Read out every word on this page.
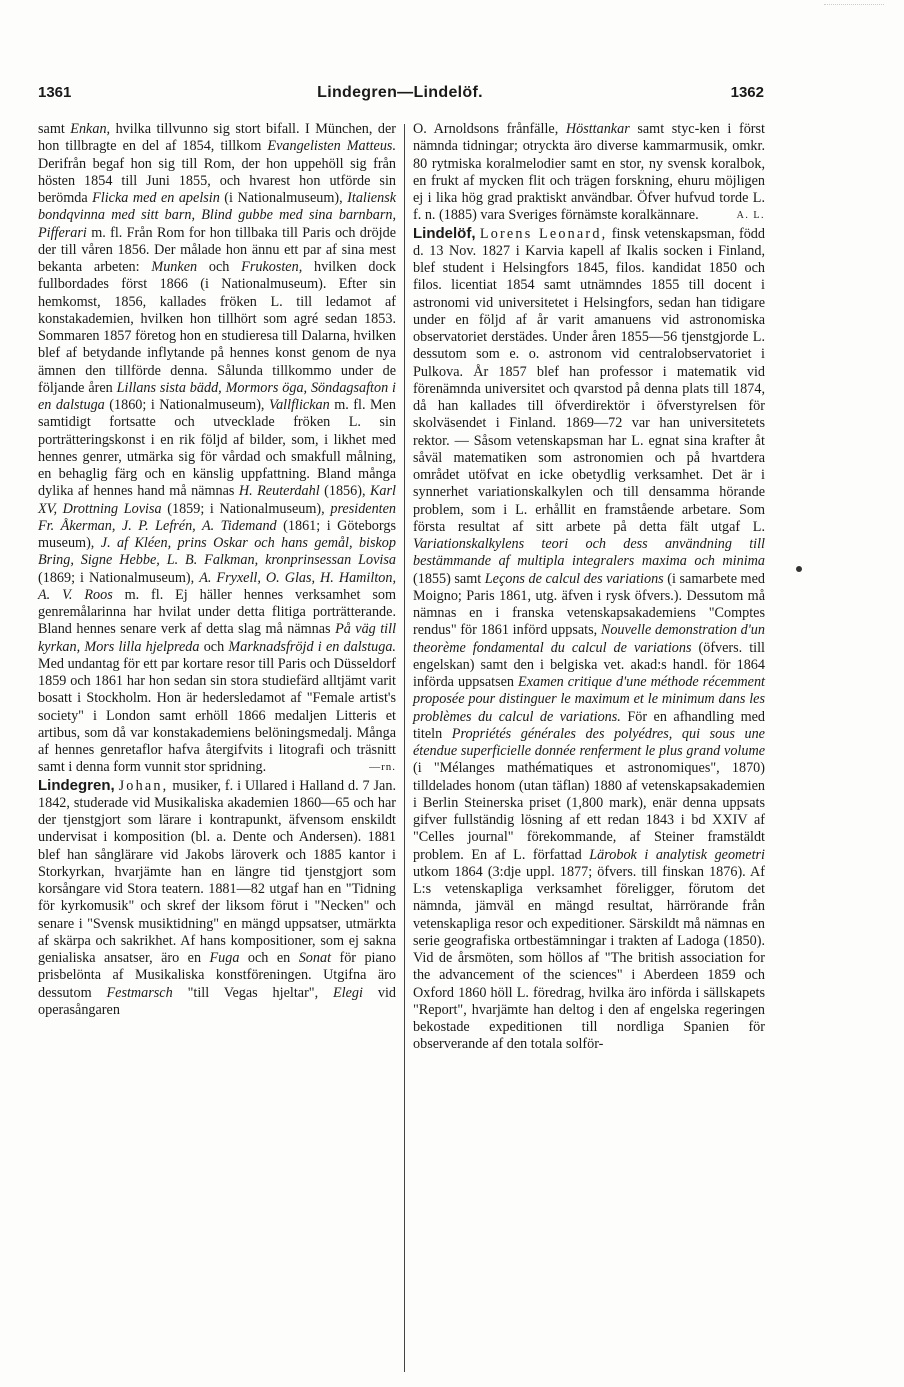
1361	Lindegren—Lindelöf.	1362

samt Enkan, hvilka tillvunno sig stort bifall. I München, der hon tillbragte en del af 1854, tillkom Evangelisten Matteus. Derifrån begaf hon sig till Rom, der hon uppehöll sig från hösten 1854 till Juni 1855, och hvarest hon utförde sin berömda Flicka med en apelsin (i Nationalmuseum), Italiensk bondqvinna med sitt barn, Blind gubbe med sina barnbarn, Pifferari m. fl. Från Rom for hon tillbaka till Paris och dröjde der till våren 1856. Der målade hon ännu ett par af sina mest bekanta arbeten: Munken och Frukosten, hvilken dock fullbordades först 1866 (i Nationalmuseum). Efter sin hemkomst, 1856, kallades fröken L. till ledamot af konstakademien, hvilken hon tillhört som agré sedan 1853. Sommaren 1857 företog hon en studieresa till Dalarna, hvilken blef af betydande inflytande på hennes konst genom de nya ämnen den tillförde denna. Sålunda tillkommo under de följande åren Lillans sista bädd, Mormors öga, Söndagsafton i en dalstuga (1860; i Nationalmuseum), Vallflickan m. fl. Men samtidigt fortsatte och utvecklade fröken L. sin porträtteringskonst i en rik följd af bilder, som, i likhet med hennes genrer, utmärka sig för vårdad och smakfull målning, en behaglig färg och en känslig uppfattning. Bland många dylika af hennes hand må nämnas H. Reuterdahl (1856), Karl XV, Drottning Lovisa (1859; i Nationalmuseum), presidenten Fr. Åkerman, J. P. Lefrén, A. Tidemand (1861; i Göteborgs museum), J. af Kléen, prins Oskar och hans gemål, biskop Bring, Signe Hebbe, L. B. Falkman, kronprinsessan Lovisa (1869; i Nationalmuseum), A. Fryxell, O. Glas, H. Hamilton, A. V. Roos m. fl. Ej häller hennes verksamhet som genremålarinna har hvilat under detta flitiga porträtterande. Bland hennes senare verk af detta slag må nämnas På väg till kyrkan, Mors lilla hjelpreda och Marknadsfröjd i en dalstuga. Med undantag för ett par kortare resor till Paris och Düsseldorf 1859 och 1861 har hon sedan sin stora studiefärd alltjämt varit bosatt i Stockholm. Hon är hedersledamot af "Female artist's society" i London samt erhöll 1866 medaljen Litteris et artibus, som då var konstakademiens belöningsmedalj. Många af hennes genretaflor hafva återgifvits i litografi och träsnitt samt i denna form vunnit stor spridning.	—rn.

Lindegren, Johan, musiker, f. i Ullared i Halland d. 7 Jan. 1842, studerade vid Musikaliska akademien 1860—65 och har der tjenstgjort som lärare i kontrapunkt, äfvensom enskildt undervisat i komposition (bl. a. Dente och Andersen). 1881 blef han sånglärare vid Jakobs läroverk och 1885 kantor i Storkyrkan, hvarjämte han en längre tid tjenstgjort som korsångare vid Stora teatern. 1881—82 utgaf han en "Tidning för kyrkomusik" och skref der liksom förut i "Necken" och senare i "Svensk musiktidning" en mängd uppsatser, utmärkta af skärpa och sakrikhet. Af hans kompositioner, som ej sakna genialiska ansatser, äro en Fuga och en Sonat för piano prisbelönta af Musikaliska konstföreningen. Utgifna äro dessutom Festmarsch "till Vegas hjeltar", Elegi vid operasångaren

O. Arnoldsons frånfälle, Hösttankar samt styc-ken i först nämnda tidningar; otryckta äro diverse kammarmusik, omkr. 80 rytmiska koralmelodier samt en stor, ny svensk koralbok, en frukt af mycken flit och trägen forskning, ehuru möjligen ej i lika hög grad praktiskt användbar. Öfver hufvud torde L. f. n. (1885) vara Sveriges förnämste koralkännare.	A. L.

Lindelöf, Lorens Leonard, finsk vetenskapsman, född d. 13 Nov. 1827 i Karvia kapell af Ikalis socken i Finland, blef student i Helsingfors 1845, filos. kandidat 1850 och filos. licentiat 1854 samt utnämndes 1855 till docent i astronomi vid universitetet i Helsingfors, sedan han tidigare under en följd af år varit amanuens vid astronomiska observatoriet derstädes. Under åren 1855—56 tjenstgjorde L. dessutom som e. o. astronom vid centralobservatoriet i Pulkova. År 1857 blef han professor i matematik vid förenämnda universitet och qvarstod på denna plats till 1874, då han kallades till öfverdirektör i öfverstyrelsen för skolväsendet i Finland. 1869—72 var han universitetets rektor. — Såsom vetenskapsman har L. egnat sina krafter åt såväl matematiken som astronomien och på hvartdera området utöfvat en icke obetydlig verksamhet. Det är i synnerhet variationskalkylen och till densamma hörande problem, som i L. erhållit en framstående arbetare. Som första resultat af sitt arbete på detta fält utgaf L. Variationskalkylens teori och dess användning till bestämmande af multipla integralers maxima och minima (1855) samt Leçons de calcul des variations (i samarbete med Moigno; Paris 1861, utg. äfven i rysk öfvers.). Dessutom må nämnas en i franska vetenskapsakademiens "Comptes rendus" för 1861 införd uppsats, Nouvelle demonstration d'un theorème fondamental du calcul de variations (öfvers. till engelskan) samt den i belgiska vet. akad:s handl. för 1864 införda uppsatsen Examen critique d'une méthode récemment proposée pour distinguer le maximum et le minimum dans les problèmes du calcul de variations. För en afhandling med titeln Propriétés générales des polyédres, qui sous une étendue superficielle donnée renferment le plus grand volume (i "Mélanges mathématiques et astronomiques", 1870) tilldelades honom (utan täflan) 1880 af vetenskapsakademien i Berlin Steinerska priset (1,800 mark), enär denna uppsats gifver fullständig lösning af ett redan 1843 i bd XXIV af "Celles journal" förekommande, af Steiner framstäldt problem. En af L. författad Lärobok i analytisk geometri utkom 1864 (3:dje uppl. 1877; öfvers. till finskan 1876). Af L:s vetenskapliga verksamhet föreligger, förutom det nämnda, jämväl en mängd resultat, härrörande från vetenskapliga resor och expeditioner. Särskildt må nämnas en serie geografiska ortbestämningar i trakten af Ladoga (1850). Vid de årsmöten, som höllos af "The british association for the advancement of the sciences" i Aberdeen 1859 och Oxford 1860 höll L. föredrag, hvilka äro införda i sällskapets "Report", hvarjämte han deltog i den af engelska regeringen bekostade expeditionen till nordliga Spanien för observerande af den totala solför-
